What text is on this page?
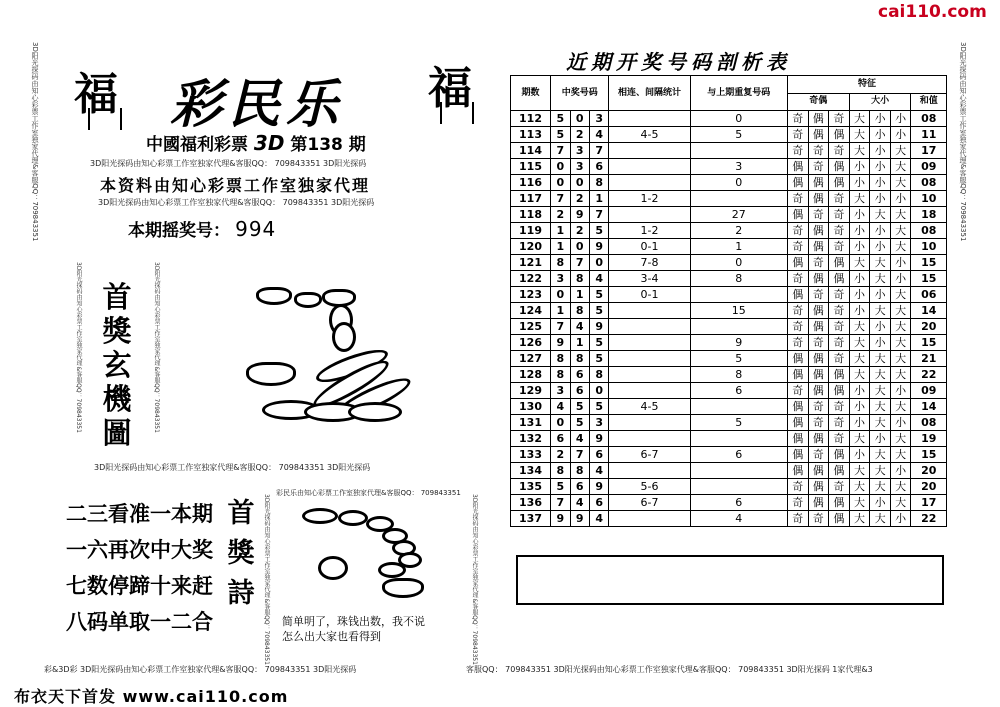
cai110.com
3D阳光探码由知心彩票工作室独家代理&客服QQ：709843351	3D阳光探码由知心彩票工作室独家代理&客服QQ：709843351
福	福
彩民乐
中國福利彩票 3D 第138 期
3D阳光探码由知心彩票工作室独家代理&客服QQ： 709843351 3D阳光探码
本资料由知心彩票工作室独家代理
3D阳光探码由知心彩票工作室独家代理&客服QQ： 709843351 3D阳光探码
本期摇奖号： 994
首
獎
玄
機
圖
3D阳光探码由知心彩票工作室独家代理&客服QQ：709843351	3D阳光探码由知心彩票工作室独家代理&客服QQ：709843351
3D阳光探码由知心彩票工作室独家代理&客服QQ： 709843351 3D阳光探码
二三看准一本期
一六再次中大奖
七数停蹄十来赶
八码单取一二合
首
獎
詩 3D阳光探码由知心彩票工作室独家代理&客服QQ：709843351	3D阳光探码由知心彩票工作室独家代理&客服QQ：709843351
彩民乐由知心彩票工作室独家代理&客服QQ： 709843351
简单明了，珠钱出数，我不说
怎么出大家也看得到
彩&3D彩 3D阳光探码由知心彩票工作室独家代理&客服QQ： 709843351 3D阳光探码	客服QQ： 709843351 3D阳光探码由知心彩票工作室独家代理&客服QQ： 709843351 3D阳光探码 1家代理&3
布衣天下首发 www.cai110.com
近期开奖号码剖析表
期数	中奖号码			相连、间隔统计	与上期重复号码	特征						
						奇偶			大小			和值
112	5	0	3		0	奇	偶	奇	大	小	小	08
113	5	2	4	4-5	5	奇	偶	偶	大	小	小	11
114	7	3	7			奇	奇	奇	大	小	大	17
115	0	3	6		3	偶	奇	偶	小	小	大	09
116	0	0	8		0	偶	偶	偶	小	小	大	08
117	7	2	1	1-2		奇	偶	奇	大	小	小	10
118	2	9	7		27	偶	奇	奇	小	大	大	18
119	1	2	5	1-2	2	奇	偶	奇	小	小	大	08
120	1	0	9	0-1	1	奇	偶	奇	小	小	大	10
121	8	7	0	7-8	0	偶	奇	偶	大	大	小	15
122	3	8	4	3-4	8	奇	偶	偶	小	大	小	15
123	0	1	5	0-1		偶	奇	奇	小	小	大	06
124	1	8	5		15	奇	偶	奇	小	大	大	14
125	7	4	9			奇	偶	奇	大	小	大	20
126	9	1	5		9	奇	奇	奇	大	小	大	15
127	8	8	5		5	偶	偶	奇	大	大	大	21
128	8	6	8		8	偶	偶	偶	大	大	大	22
129	3	6	0		6	奇	偶	偶	小	大	小	09
130	4	5	5	4-5		偶	奇	奇	小	大	大	14
131	0	5	3		5	偶	奇	奇	小	大	小	08
132	6	4	9			偶	偶	奇	大	小	大	19
133	2	7	6	6-7	6	偶	奇	偶	小	大	大	15
134	8	8	4			偶	偶	偶	大	大	小	20
135	5	6	9	5-6		奇	偶	奇	大	大	大	20
136	7	4	6	6-7	6	奇	偶	偶	大	小	大	17
137	9	9	4		4	奇	奇	偶	大	大	小	22
